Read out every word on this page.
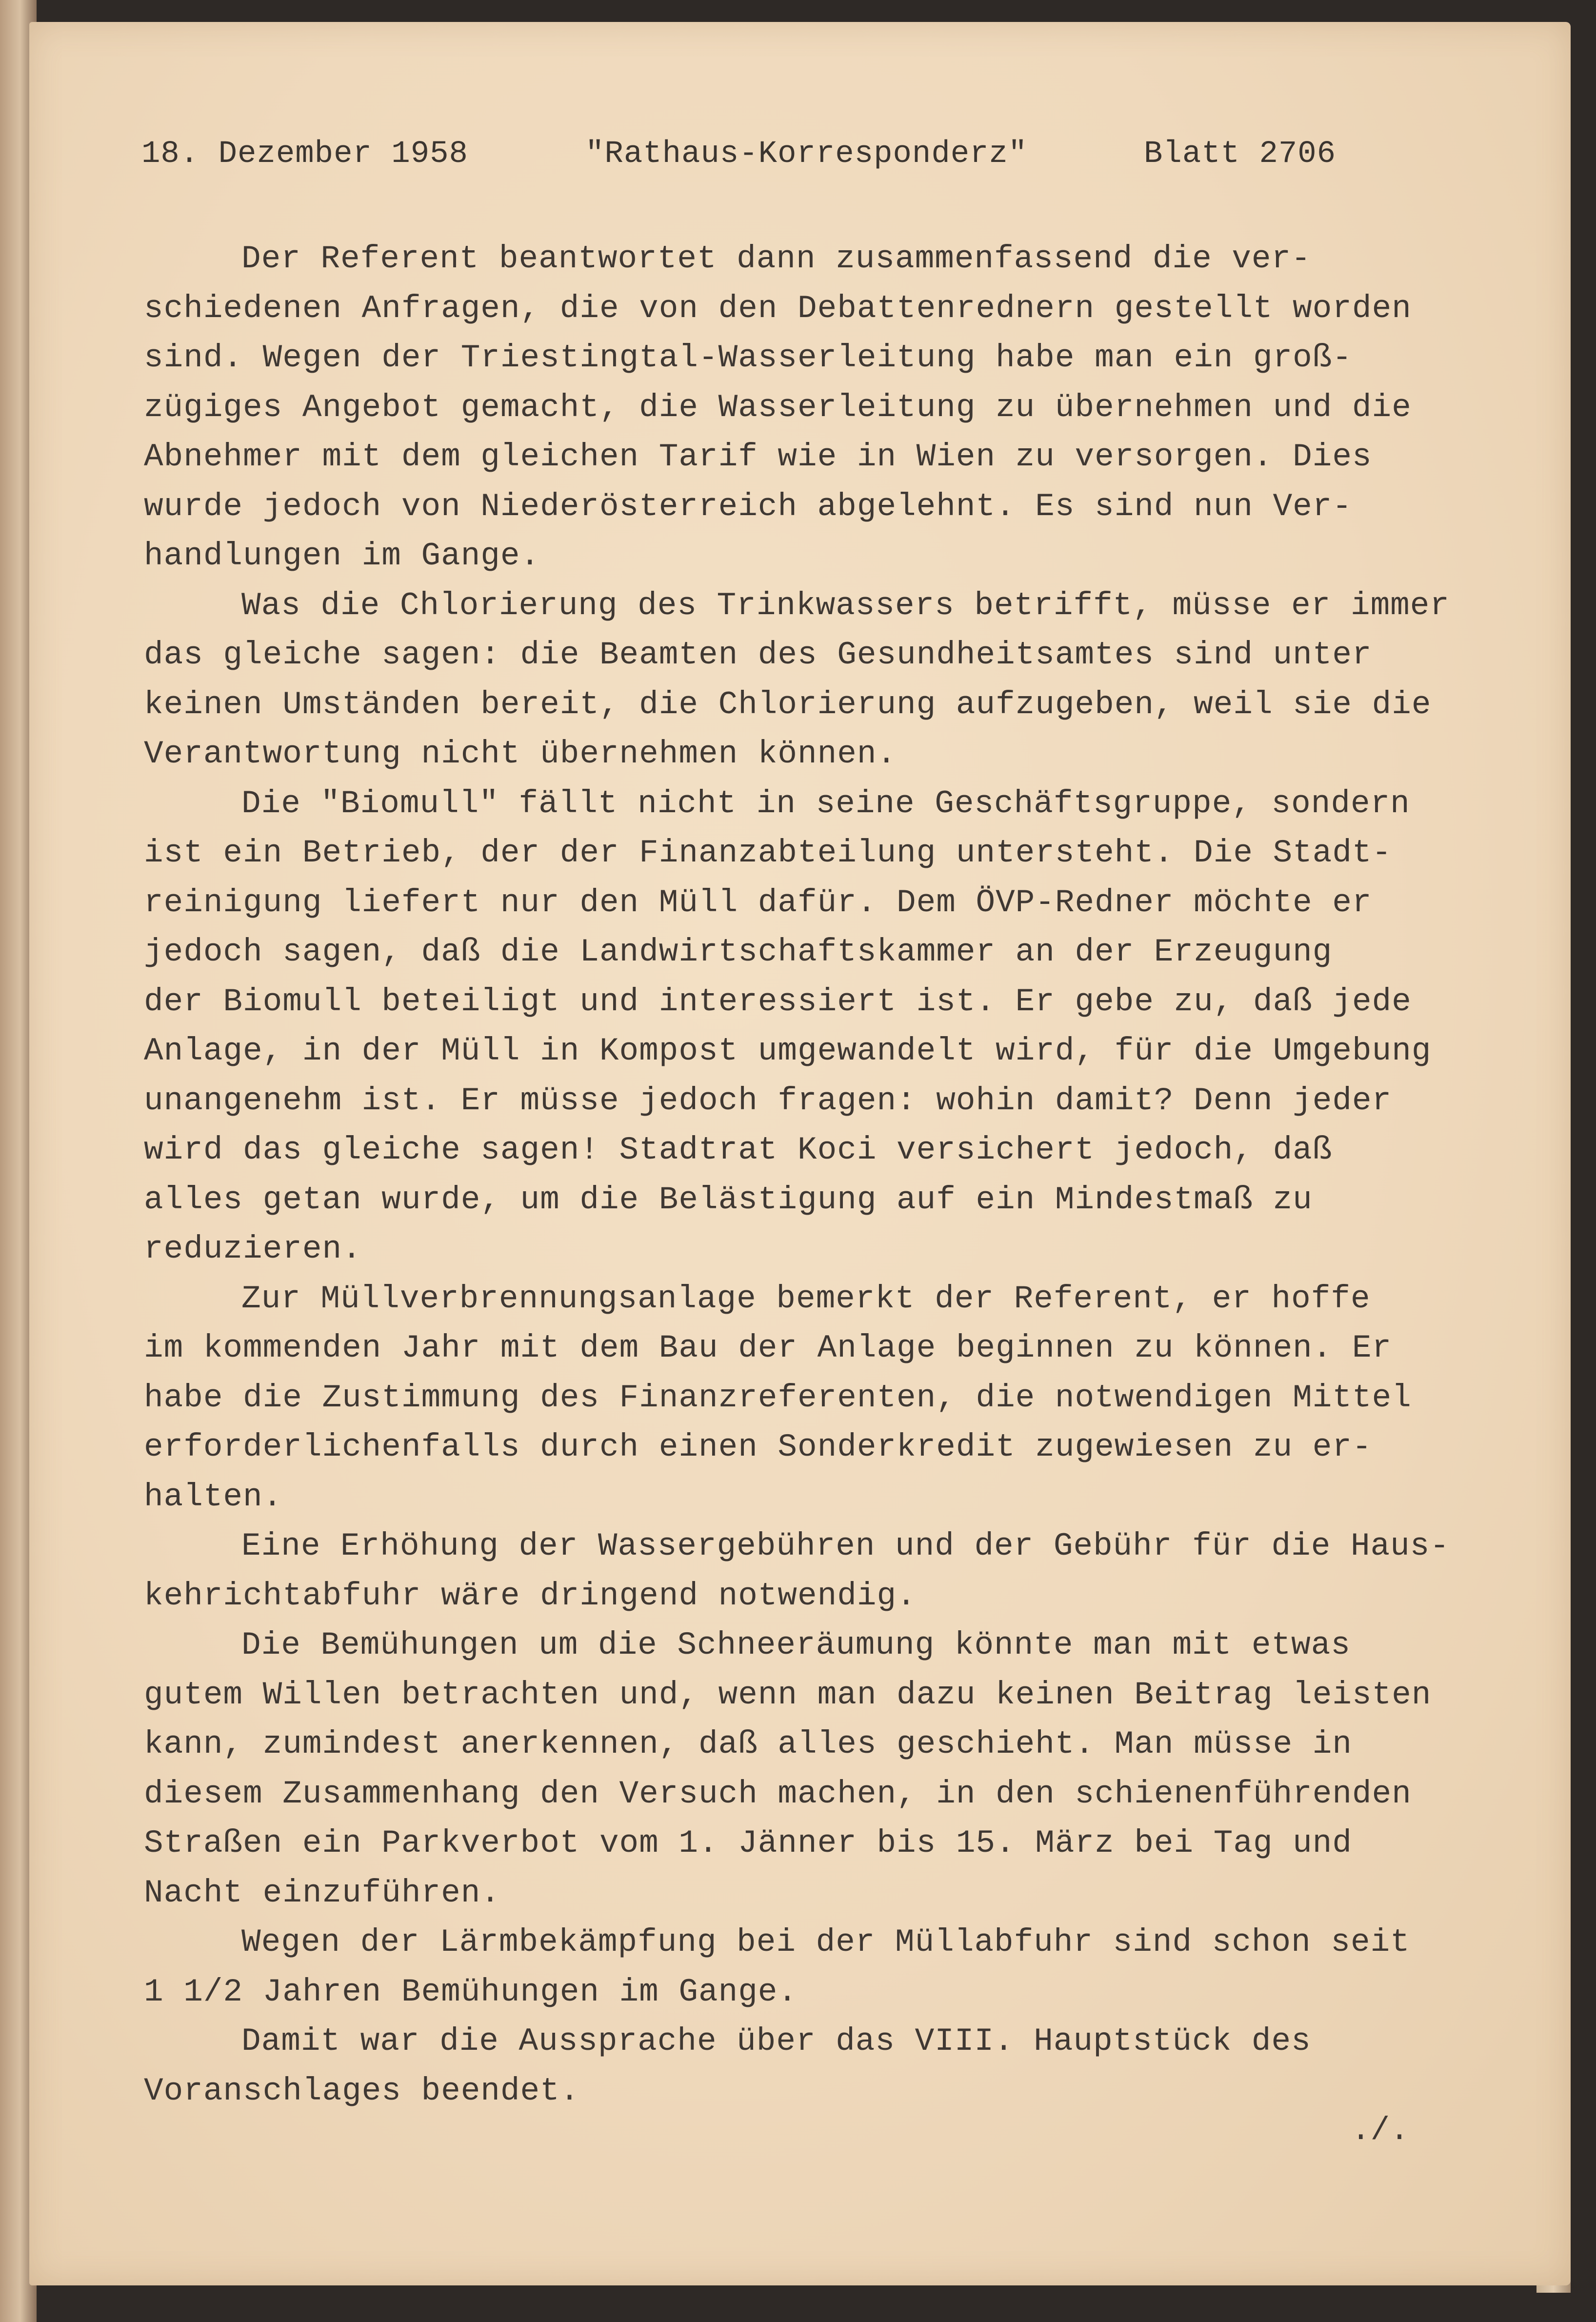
18. Dezember 1958	"Rathaus-Korresponderz"	Blatt 2706

Der Referent beantwortet dann zusammenfassend die ver-

schiedenen Anfragen, die von den Debattenrednern gestellt worden

sind. Wegen der Triestingtal-Wasserleitung habe man ein groß-

zügiges Angebot gemacht, die Wasserleitung zu übernehmen und die

Abnehmer mit dem gleichen Tarif wie in Wien zu versorgen. Dies

wurde jedoch von Niederösterreich abgelehnt. Es sind nun Ver-

handlungen im Gange.

Was die Chlorierung des Trinkwassers betrifft, müsse er immer

das gleiche sagen: die Beamten des Gesundheitsamtes sind unter

keinen Umständen bereit, die Chlorierung aufzugeben, weil sie die

Verantwortung nicht übernehmen können.

Die "Biomull" fällt nicht in seine Geschäftsgruppe, sondern

ist ein Betrieb, der der Finanzabteilung untersteht. Die Stadt-

reinigung liefert nur den Müll dafür. Dem ÖVP-Redner möchte er

jedoch sagen, daß die Landwirtschaftskammer an der Erzeugung

der Biomull beteiligt und interessiert ist. Er gebe zu, daß jede

Anlage, in der Müll in Kompost umgewandelt wird, für die Umgebung

unangenehm ist. Er müsse jedoch fragen: wohin damit? Denn jeder

wird das gleiche sagen! Stadtrat Koci versichert jedoch, daß

alles getan wurde, um die Belästigung auf ein Mindestmaß zu

reduzieren.

Zur Müllverbrennungsanlage bemerkt der Referent, er hoffe

im kommenden Jahr mit dem Bau der Anlage beginnen zu können. Er

habe die Zustimmung des Finanzreferenten, die notwendigen Mittel

erforderlichenfalls durch einen Sonderkredit zugewiesen zu er-

halten.

Eine Erhöhung der Wassergebühren und der Gebühr für die Haus-

kehrichtabfuhr wäre dringend notwendig.

Die Bemühungen um die Schneeräumung könnte man mit etwas

gutem Willen betrachten und, wenn man dazu keinen Beitrag leisten

kann, zumindest anerkennen, daß alles geschieht. Man müsse in

diesem Zusammenhang den Versuch machen, in den schienenführenden

Straßen ein Parkverbot vom 1. Jänner bis 15. März bei Tag und

Nacht einzuführen.

Wegen der Lärmbekämpfung bei der Müllabfuhr sind schon seit

1 1/2 Jahren Bemühungen im Gange.

Damit war die Aussprache über das VIII. Hauptstück des

Voranschlages beendet.

./.
